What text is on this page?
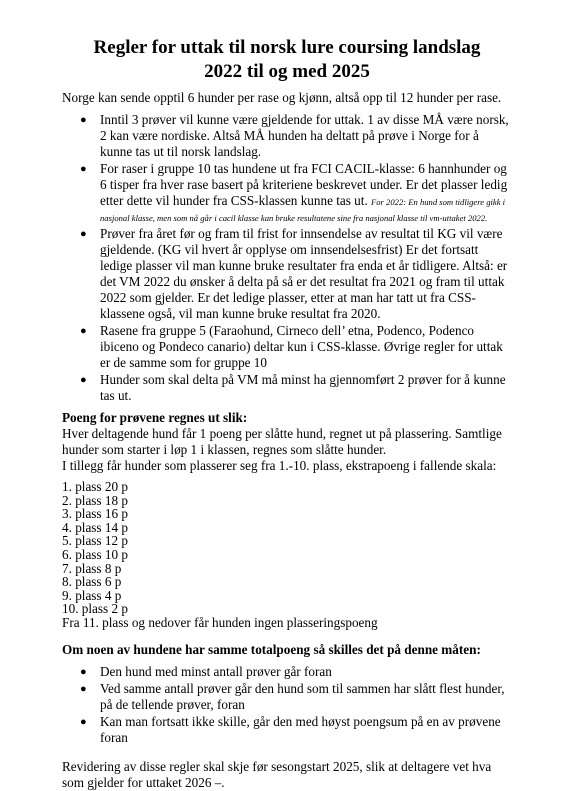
Regler for uttak til norsk lure coursing landslag
2022 til og med 2025

Norge kan sende opptil 6 hunder per rase og kjønn, altså opp til 12 hunder per rase.

● Inntil 3 prøver vil kunne være gjeldende for uttak. 1 av disse MÅ være norsk, 2 kan være nordiske. Altså MÅ hunden ha deltatt på prøve i Norge for å kunne tas ut til norsk landslag.
● For raser i gruppe 10 tas hundene ut fra FCI CACIL-klasse: 6 hannhunder og 6 tisper fra hver rase basert på kriteriene beskrevet under. Er det plasser ledig etter dette vil hunder fra CSS-klassen kunne tas ut. For 2022: En hund som tidligere gikk i nasjonal klasse, men som nå går i cacil klasse kan bruke resultatene sine fra nasjonal klasse til vm-uttaket 2022.
● Prøver fra året før og fram til frist for innsendelse av resultat til KG vil være gjeldende. (KG vil hvert år opplyse om innsendelsesfrist) Er det fortsatt ledige plasser vil man kunne bruke resultater fra enda et år tidligere. Altså: er det VM 2022 du ønsker å delta på så er det resultat fra 2021 og fram til uttak 2022 som gjelder. Er det ledige plasser, etter at man har tatt ut fra CSS-klassene også, vil man kunne bruke resultat fra 2020.
● Rasene fra gruppe 5 (Faraohund, Cirneco dell’ etna, Podenco, Podenco ibiceno og Pondeco canario) deltar kun i CSS-klasse. Øvrige regler for uttak er de samme som for gruppe 10
● Hunder som skal delta på VM må minst ha gjennomført 2 prøver for å kunne tas ut.

Poeng for prøvene regnes ut slik:

Hver deltagende hund får 1 poeng per slåtte hund, regnet ut på plassering. Samtlige hunder som starter i løp 1 i klassen, regnes som slåtte hunder.

I tillegg får hunder som plasserer seg fra 1.-10. plass, ekstrapoeng i fallende skala:

1. plass 20 p

2. plass 18 p

3. plass 16 p

4. plass 14 p

5. plass 12 p

6. plass 10 p

7. plass 8 p

8. plass 6 p

9. plass 4 p

10. plass 2 p

Fra 11. plass og nedover får hunden ingen plasseringspoeng

Om noen av hundene har samme totalpoeng så skilles det på denne måten:

● Den hund med minst antall prøver går foran
● Ved samme antall prøver går den hund som til sammen har slått flest hunder, på de tellende prøver, foran
● Kan man fortsatt ikke skille, går den med høyst poengsum på en av prøvene foran

Revidering av disse regler skal skje før sesongstart 2025, slik at deltagere vet hva som gjelder for uttaket 2026 –.
